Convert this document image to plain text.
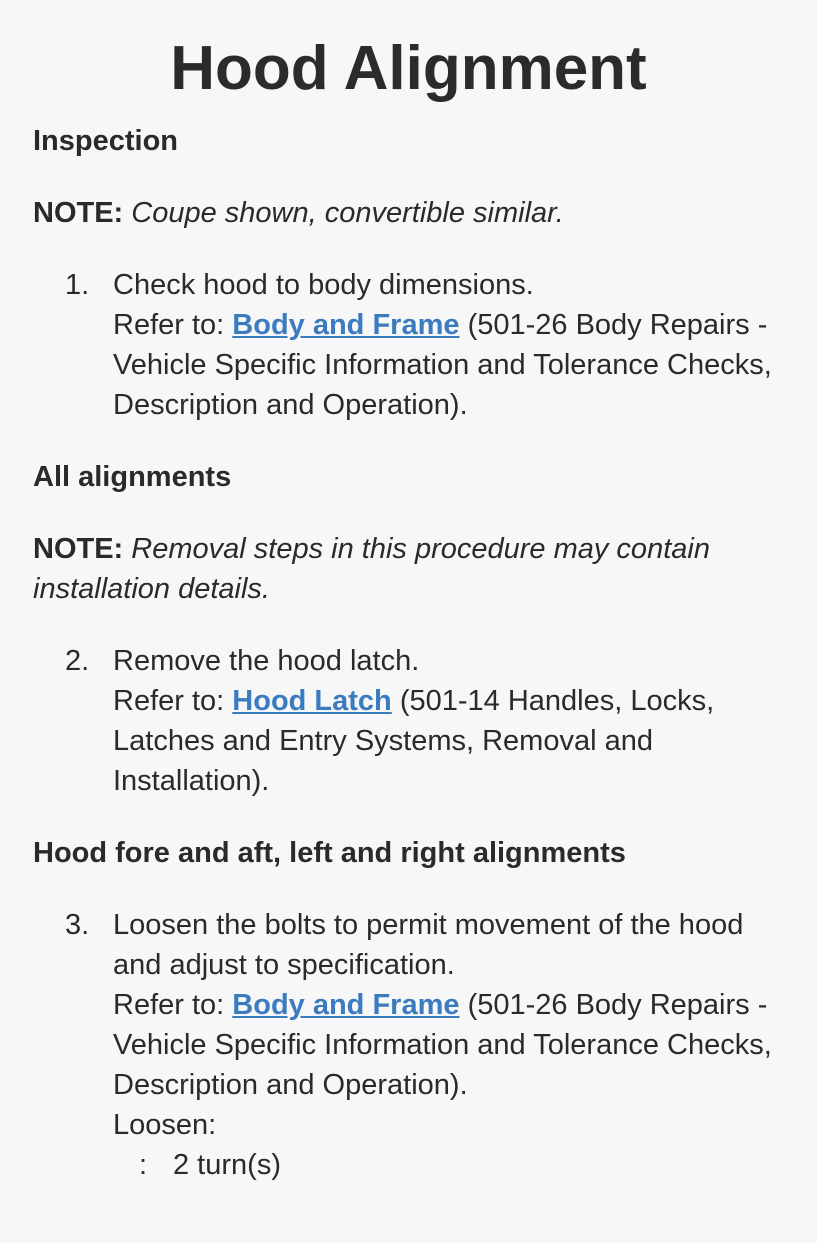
Hood Alignment

Inspection

NOTE: Coupe shown, convertible similar.

1. Check hood to body dimensions.
Refer to: Body and Frame (501-26 Body Repairs - Vehicle Specific Information and Tolerance Checks, Description and Operation).

All alignments

NOTE: Removal steps in this procedure may contain installation details.

2. Remove the hood latch.
Refer to: Hood Latch (501-14 Handles, Locks, Latches and Entry Systems, Removal and Installation).

Hood fore and aft, left and right alignments

3. Loosen the bolts to permit movement of the hood and adjust to specification.
Refer to: Body and Frame (501-26 Body Repairs - Vehicle Specific Information and Tolerance Checks, Description and Operation).
Loosen:
: 2 turn(s)
